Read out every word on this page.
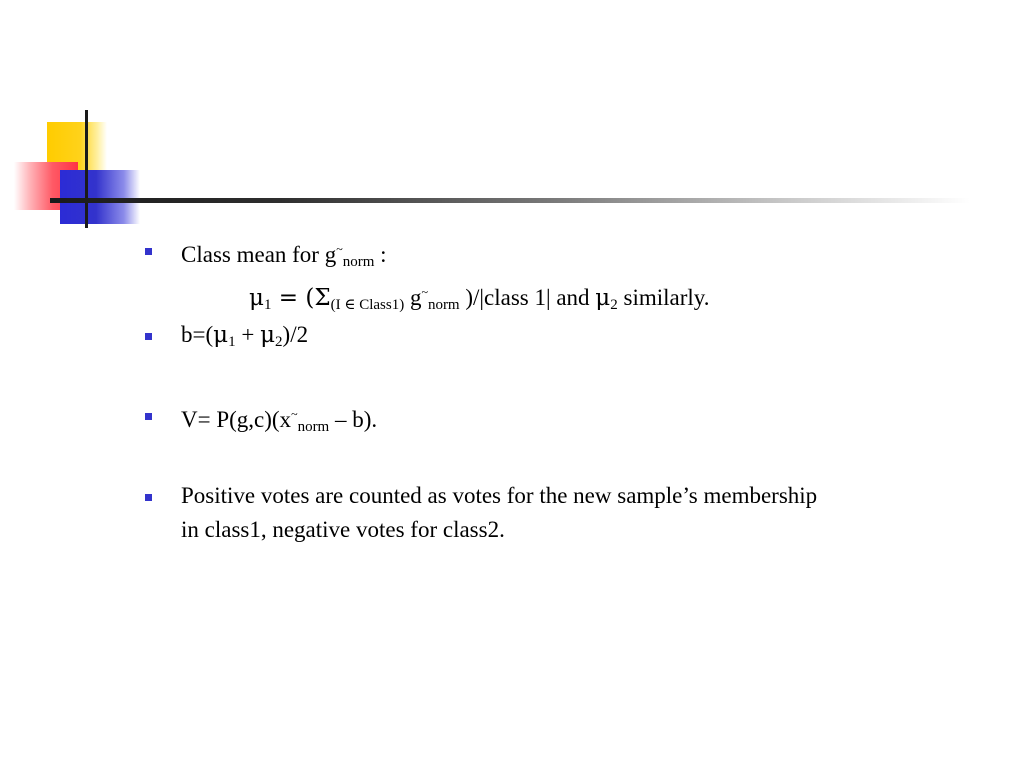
Class mean for $g^\sim_{norm}$ :
$\mu_1 = (\Sigma_{(I \in Class1)}$ $g^\sim_{norm}$ )/|class 1| and $\mu_2$ similarly.
$b=(\mu_1 + \mu_2)/2$
$V= P(g,c)(x^\sim_{norm} - b)$.
Positive votes are counted as votes for the new sample’s membership
in class1, negative votes for class2.
